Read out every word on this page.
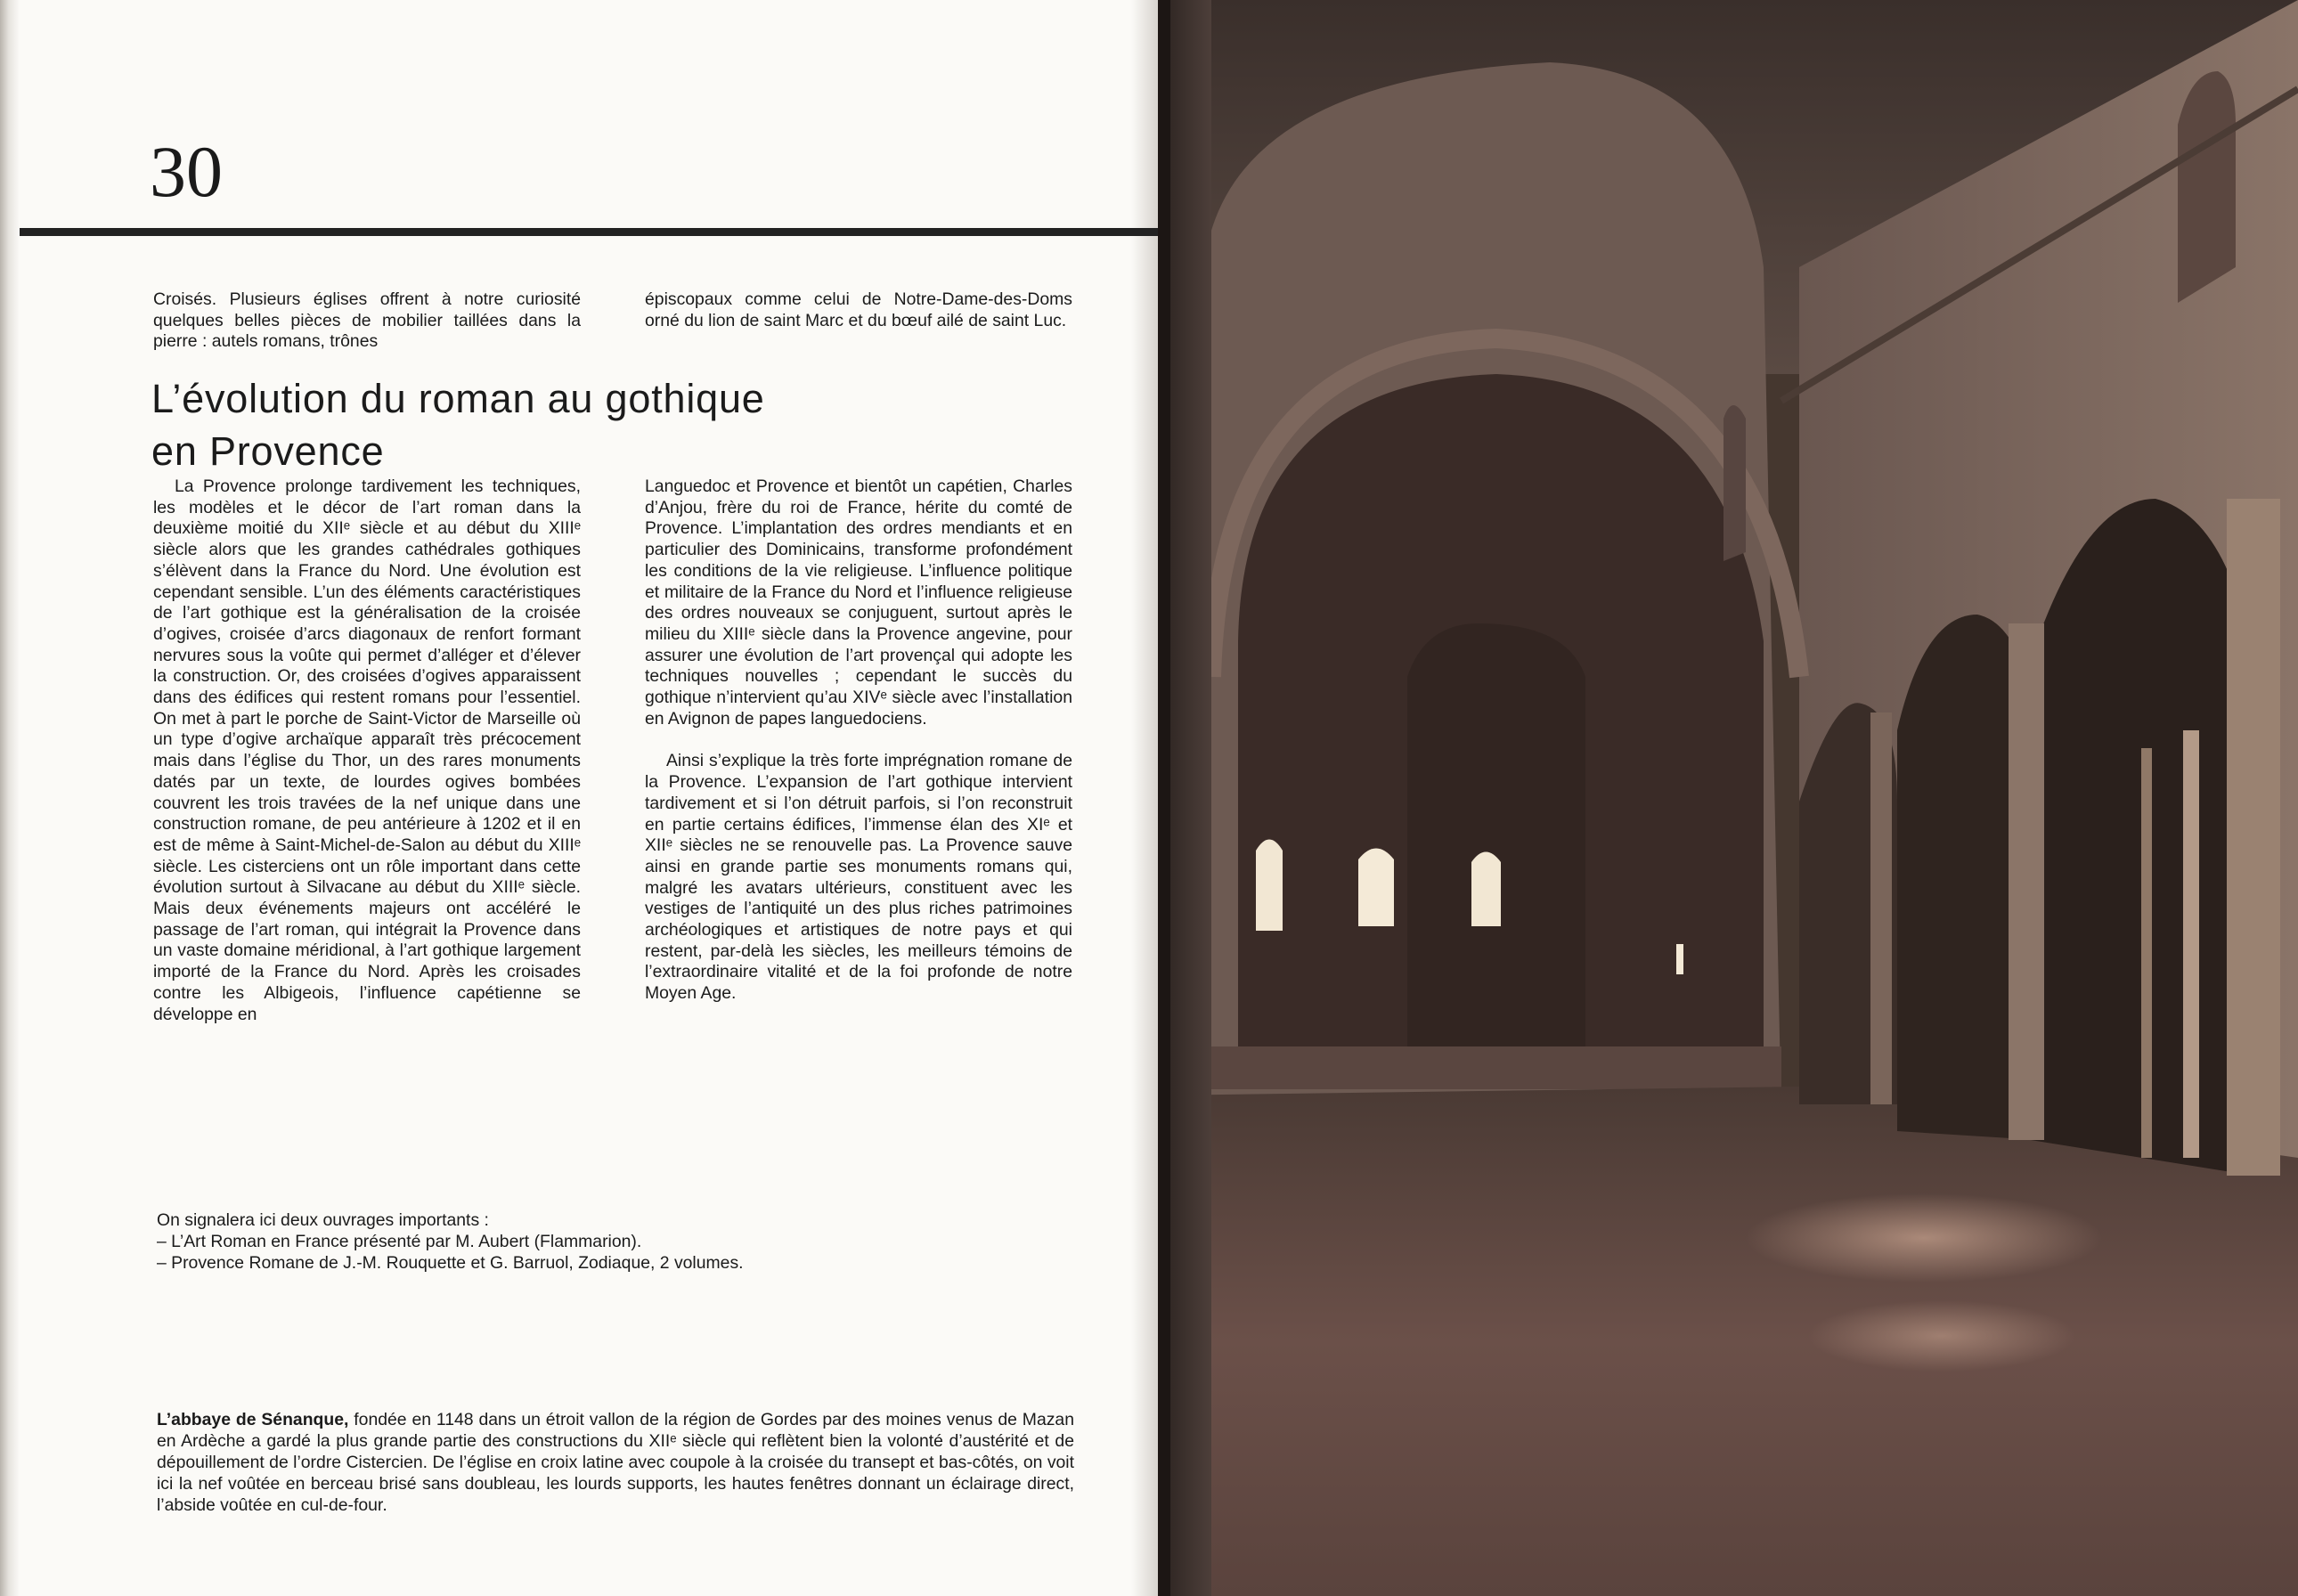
30

Croisés. Plusieurs églises offrent à notre curiosité quelques belles pièces de mobilier taillées dans la pierre : autels romans, trônes

épiscopaux comme celui de Notre-Dame-des-Doms orné du lion de saint Marc et du bœuf ailé de saint Luc.

L’évolution du roman au gothique
en Provence

La Provence prolonge tardivement les techniques, les modèles et le décor de l’art roman dans la deuxième moitié du XIIᵉ siècle et au début du XIIIᵉ siècle alors que les grandes cathédrales gothiques s’élèvent dans la France du Nord. Une évolution est cependant sensible. L’un des éléments caractéristiques de l’art gothique est la généralisation de la croisée d’ogives, croisée d’arcs diagonaux de renfort formant nervures sous la voûte qui permet d’alléger et d’élever la construction. Or, des croisées d’ogives apparaissent dans des édifices qui restent romans pour l’essentiel. On met à part le porche de Saint-Victor de Marseille où un type d’ogive archaïque apparaît très précocement mais dans l’église du Thor, un des rares monuments datés par un texte, de lourdes ogives bombées couvrent les trois travées de la nef unique dans une construction romane, de peu antérieure à 1202 et il en est de même à Saint-Michel-de-Salon au début du XIIIᵉ siècle. Les cisterciens ont un rôle important dans cette évolution surtout à Silvacane au début du XIIIᵉ siècle. Mais deux événements majeurs ont accéléré le passage de l’art roman, qui intégrait la Provence dans un vaste domaine méridional, à l’art gothique largement importé de la France du Nord. Après les croisades contre les Albigeois, l’influence capétienne se développe en

Languedoc et Provence et bientôt un capétien, Charles d’Anjou, frère du roi de France, hérite du comté de Provence. L’implantation des ordres mendiants et en particulier des Dominicains, transforme profondément les conditions de la vie religieuse. L’influence politique et militaire de la France du Nord et l’influence religieuse des ordres nouveaux se conjuguent, surtout après le milieu du XIIIᵉ siècle dans la Provence angevine, pour assurer une évolution de l’art provençal qui adopte les techniques nouvelles ; cependant le succès du gothique n’intervient qu’au XIVᵉ siècle avec l’installation en Avignon de papes languedociens.

Ainsi s’explique la très forte imprégnation romane de la Provence. L’expansion de l’art gothique intervient tardivement et si l’on détruit parfois, si l’on reconstruit en partie certains édifices, l’immense élan des XIᵉ et XIIᵉ siècles ne se renouvelle pas. La Provence sauve ainsi en grande partie ses monuments romans qui, malgré les avatars ultérieurs, constituent avec les vestiges de l’antiquité un des plus riches patrimoines archéologiques et artistiques de notre pays et qui restent, par-delà les siècles, les meilleurs témoins de l’extraordinaire vitalité et de la foi profonde de notre Moyen Age.

On signalera ici deux ouvrages importants :
– L’Art Roman en France présenté par M. Aubert (Flammarion).
– Provence Romane de J.-M. Rouquette et G. Barruol, Zodiaque, 2 volumes.
L’abbaye de Sénanque, fondée en 1148 dans un étroit vallon de la région de Gordes par des moines venus de Mazan en Ardèche a gardé la plus grande partie des constructions du XIIᵉ siècle qui reflètent bien la volonté d’austérité et de dépouillement de l’ordre Cistercien. De l’église en croix latine avec coupole à la croisée du transept et bas-côtés, on voit ici la nef voûtée en berceau brisé sans doubleau, les lourds supports, les hautes fenêtres donnant un éclairage direct, l’abside voûtée en cul-de-four.
